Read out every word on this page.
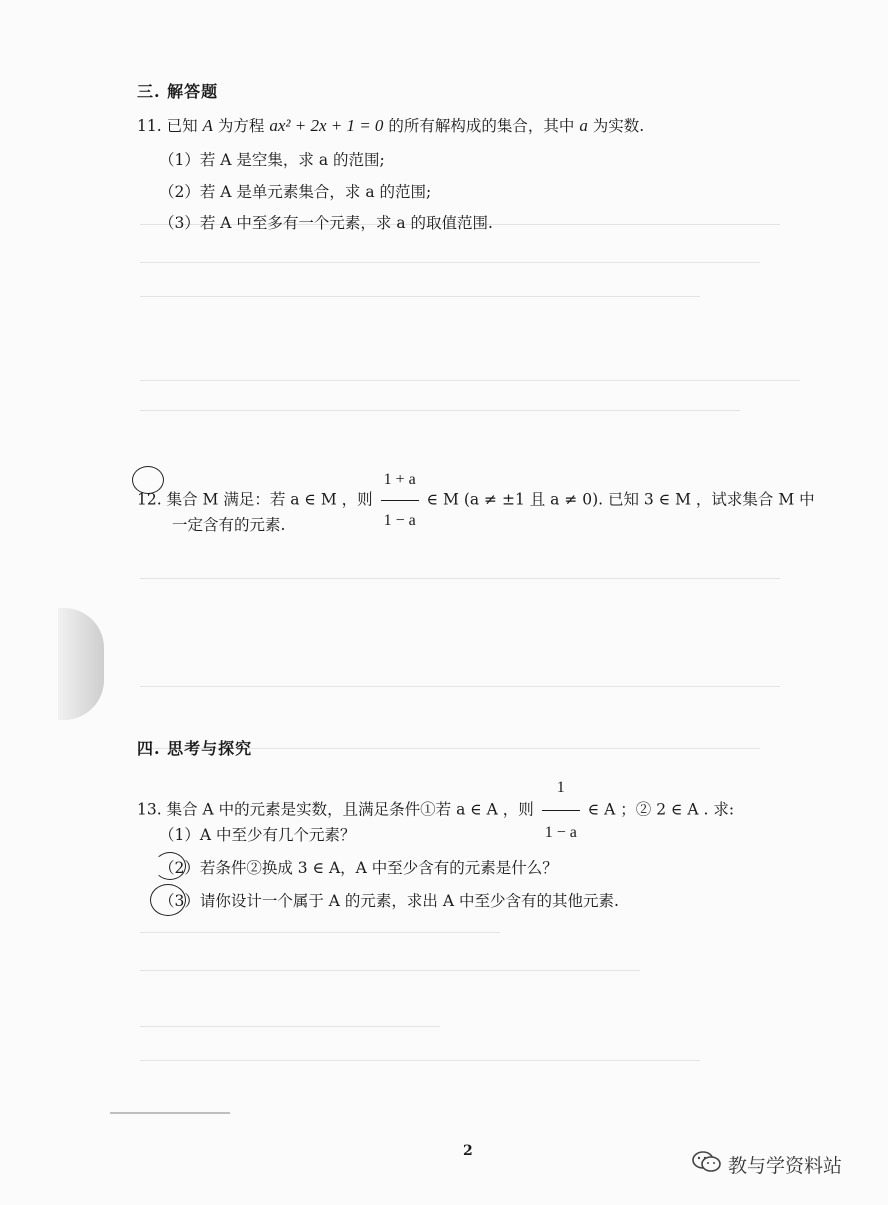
三. 解答题
11. 已知 A 为方程 ax² + 2x + 1 = 0 的所有解构成的集合，其中 a 为实数.
（1）若 A 是空集，求 a 的范围;
（2）若 A 是单元素集合，求 a 的范围;
（3）若 A 中至多有一个元素，求 a 的取值范围.
12. 集合 M 满足：若 a ∈ M ，则 $\frac{1 + a}{1 - a}$ ∈ M (a ≠ ±1 且 a ≠ 0). 已知 3 ∈ M ，试求集合 M 中
一定含有的元素.
四. 思考与探究
13. 集合 A 中的元素是实数，且满足条件①若 a ∈ A ，则 $\frac{1}{1 - a}$ ∈ A ；② 2 ∈ A . 求:
（1）A 中至少有几个元素？
（2）若条件②换成 3 ∈ A，A 中至少含有的元素是什么？
（3）请你设计一个属于 A 的元素，求出 A 中至少含有的其他元素.
2
教与学资料站
